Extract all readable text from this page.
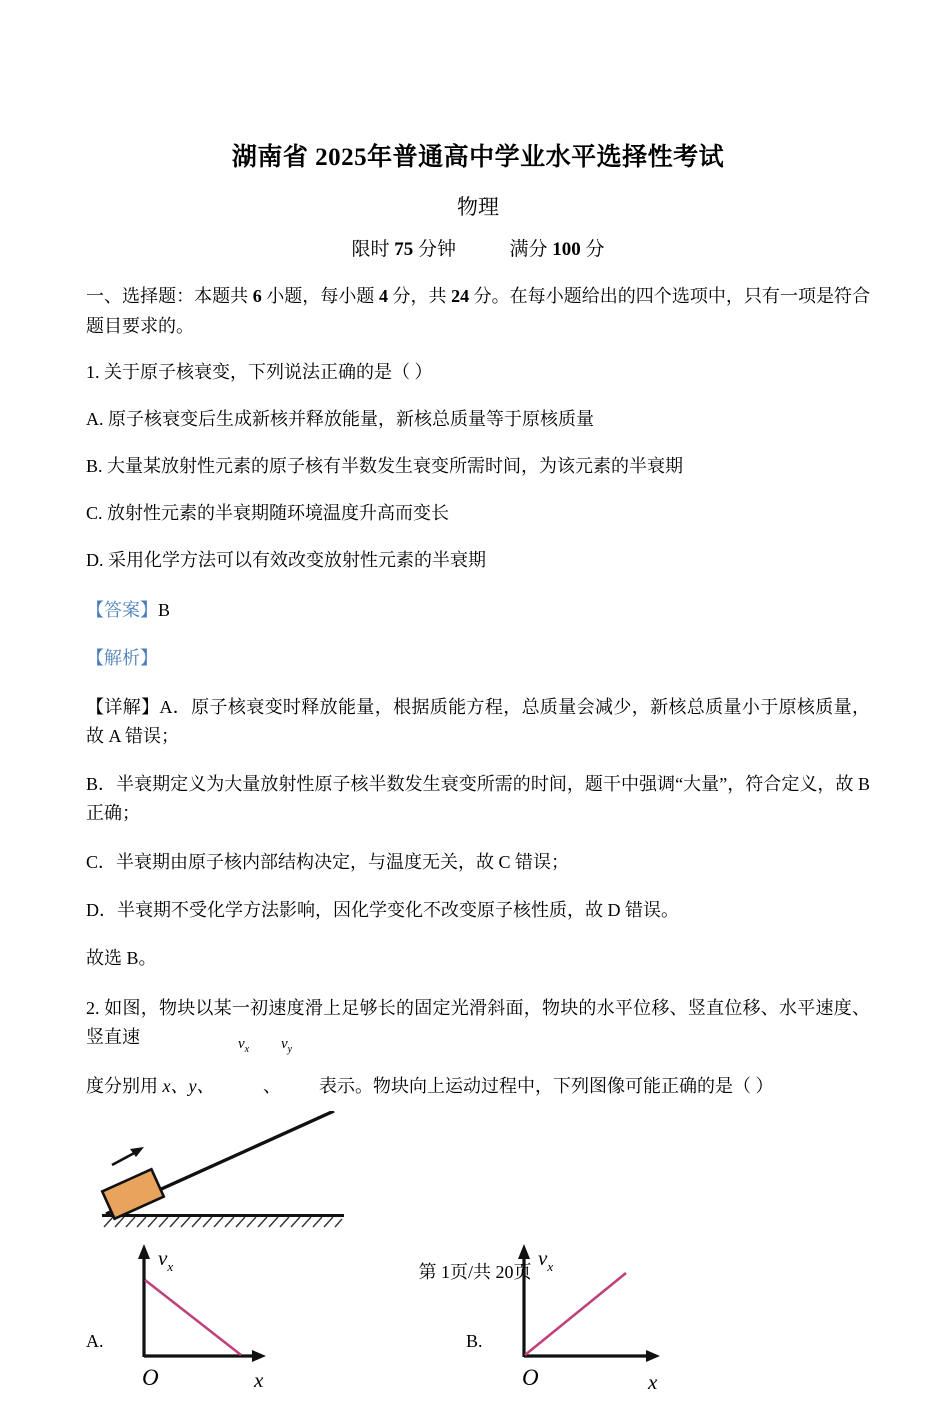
湖南省 2025年普通高中学业水平选择性考试
物理
限时 75 分钟	满分 100 分

一、选择题：本题共 6 小题，每小题 4 分，共 24 分。在每小题给出的四个选项中，只有一项是符合题目要求的。

1. 关于原子核衰变，下列说法正确的是（ ）

A. 原子核衰变后生成新核并释放能量，新核总质量等于原核质量

B. 大量某放射性元素的原子核有半数发生衰变所需时间，为该元素的半衰期

C. 放射性元素的半衰期随环境温度升高而变长

D. 采用化学方法可以有效改变放射性元素的半衰期

【答案】B

【解析】

【详解】A．原子核衰变时释放能量，根据质能方程，总质量会减少，新核总质量小于原核质量，故 A 错误；

B．半衰期定义为大量放射性原子核半数发生衰变所需的时间，题干中强调“大量”，符合定义，故 B 正确；

C．半衰期由原子核内部结构决定，与温度无关，故 C 错误；

D．半衰期不受化学方法影响，因化学变化不改变原子核性质，故 D 错误。

故选 B。

2. 如图，物块以某一初速度滑上足够长的固定光滑斜面，物块的水平位移、竖直位移、水平速度、竖直速

度分别用 x、y、	、 表示。物块向上运动过程中，下列图像可能正确的是（ ）
$v_x$ $v_y$

A.
$v_x$
O	x
B.
$v_x$
O	x
第 1页/共 20页
